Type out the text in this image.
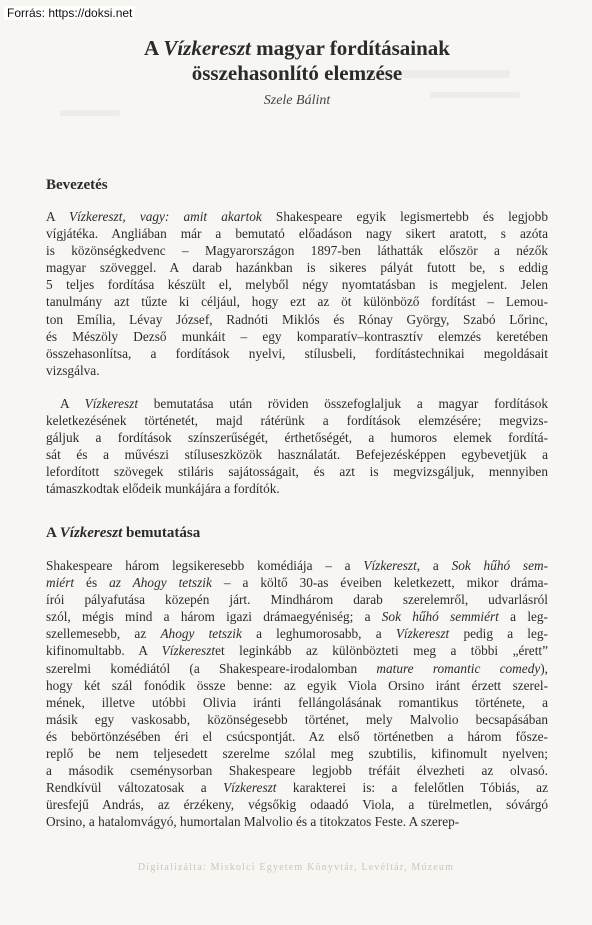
Forrás: https://doksi.net
A Vízkereszt magyar fordításainak
összehasonlító elemzése
Szele Bálint
Bevezetés
A Vízkereszt, vagy: amit akartok Shakespeare egyik legismertebb és legjobb
vígjátéka. Angliában már a bemutató előadáson nagy sikert aratott, s azóta
is közönségkedvenc – Magyarországon 1897-ben láthatták először a nézők
magyar szöveggel. A darab hazánkban is sikeres pályát futott be, s eddig
5 teljes fordítása készült el, melyből négy nyomtatásban is megjelent. Jelen
tanulmány azt tűzte ki céljául, hogy ezt az öt különböző fordítást – Lemou-
ton Emília, Lévay József, Radnóti Miklós és Rónay György, Szabó Lőrinc,
és Mészöly Dezső munkáit – egy komparatív–kontrasztív elemzés keretében
összehasonlítsa, a fordítások nyelvi, stílusbeli, fordítástechnikai megoldásait
vizsgálva.
A Vízkereszt bemutatása után röviden összefoglaljuk a magyar fordítások
keletkezésének történetét, majd rátérünk a fordítások elemzésére; megvizs-
gáljuk a fordítások színszerűségét, érthetőségét, a humoros elemek fordítá-
sát és a művészi stíluseszközök használatát. Befejezésképpen egybevetjük a
lefordított szövegek stiláris sajátosságait, és azt is megvizsgáljuk, mennyiben
támaszkodtak elődeik munkájára a fordítók.
A Vízkereszt bemutatása
Shakespeare három legsikeresebb komédiája – a Vízkereszt, a Sok hűhó sem-
miért és az Ahogy tetszik – a költő 30-as éveiben keletkezett, mikor dráma-
írói pályafutása közepén járt. Mindhárom darab szerelemről, udvarlásról
szól, mégis mind a három igazi drámaegyéniség; a Sok hűhó semmiért a leg-
szellemesebb, az Ahogy tetszik a leghumorosabb, a Vízkereszt pedig a leg-
kifinomultabb. A Vízkeresztet leginkább az különbözteti meg a többi „érett”
szerelmi komédiától (a Shakespeare-irodalomban mature romantic comedy),
hogy két szál fonódik össze benne: az egyik Viola Orsino iránt érzett szerel-
mének, illetve utóbbi Olivia iránti fellángolásának romantikus története, a
másik egy vaskosabb, közönségesebb történet, mely Malvolio becsapásában
és bebörtönzésében éri el csúcspontját. Az első történetben a három fősze-
replő be nem teljesedett szerelme szólal meg szubtilis, kifinomult nyelven;
a második cseménysorban Shakespeare legjobb tréfáit élvezheti az olvasó.
Rendkívül változatosak a Vízkereszt karakterei is: a felelőtlen Tóbiás, az
üresfejű András, az érzékeny, végsőkig odaadó Viola, a türelmetlen, sóvárgó
Orsino, a hatalomvágyó, humortalan Malvolio és a titokzatos Feste. A szerep-
Digitalizálta: Miskolci Egyetem Könyvtár, Levéltár, Múzeum
